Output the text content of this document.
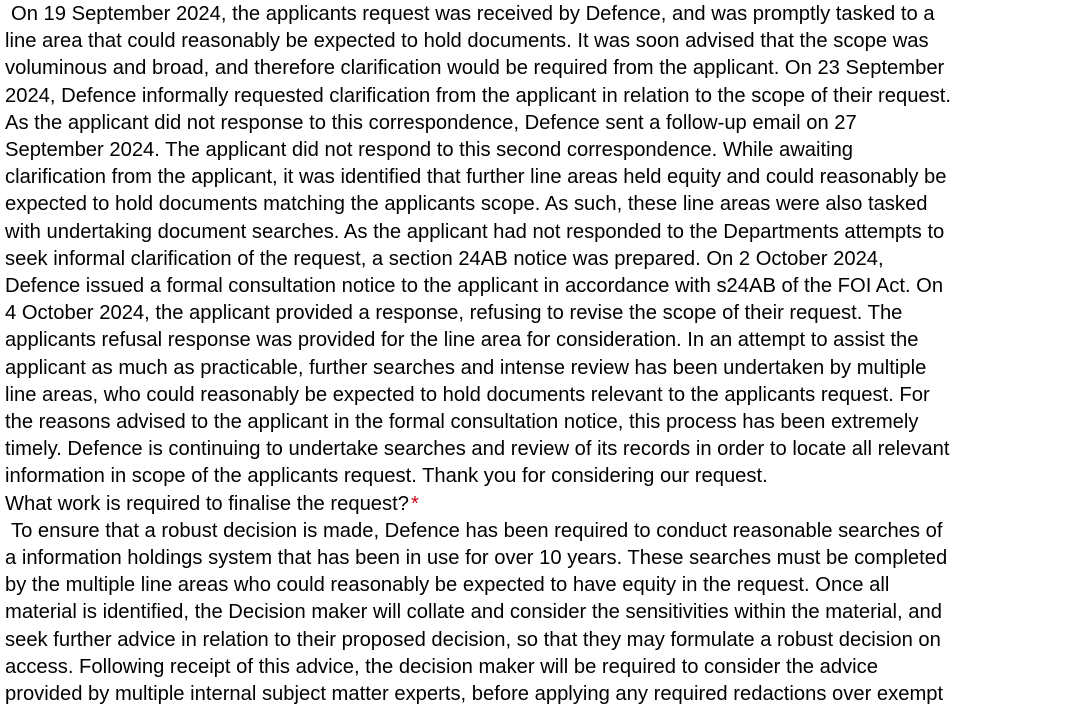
On 19 September 2024, the applicants request was received by Defence, and was promptly tasked to a
line area that could reasonably be expected to hold documents. It was soon advised that the scope was
voluminous and broad, and therefore clarification would be required from the applicant. On 23 September
2024, Defence informally requested clarification from the applicant in relation to the scope of their request.
As the applicant did not response to this correspondence, Defence sent a follow-up email on 27
September 2024. The applicant did not respond to this second correspondence. While awaiting
clarification from the applicant, it was identified that further line areas held equity and could reasonably be
expected to hold documents matching the applicants scope. As such, these line areas were also tasked
with undertaking document searches. As the applicant had not responded to the Departments attempts to
seek informal clarification of the request, a section 24AB notice was prepared. On 2 October 2024,
Defence issued a formal consultation notice to the applicant in accordance with s24AB of the FOI Act. On
4 October 2024, the applicant provided a response, refusing to revise the scope of their request. The
applicants refusal response was provided for the line area for consideration. In an attempt to assist the
applicant as much as practicable, further searches and intense review has been undertaken by multiple
line areas, who could reasonably be expected to hold documents relevant to the applicants request. For
the reasons advised to the applicant in the formal consultation notice, this process has been extremely
timely. Defence is continuing to undertake searches and review of its records in order to locate all relevant
information in scope of the applicants request. Thank you for considering our request.

What work is required to finalise the request?*

To ensure that a robust decision is made, Defence has been required to conduct reasonable searches of
a information holdings system that has been in use for over 10 years. These searches must be completed
by the multiple line areas who could reasonably be expected to have equity in the request. Once all
material is identified, the Decision maker will collate and consider the sensitivities within the material, and
seek further advice in relation to their proposed decision, so that they may formulate a robust decision on
access. Following receipt of this advice, the decision maker will be required to consider the advice
provided by multiple internal subject matter experts, before applying any required redactions over exempt
